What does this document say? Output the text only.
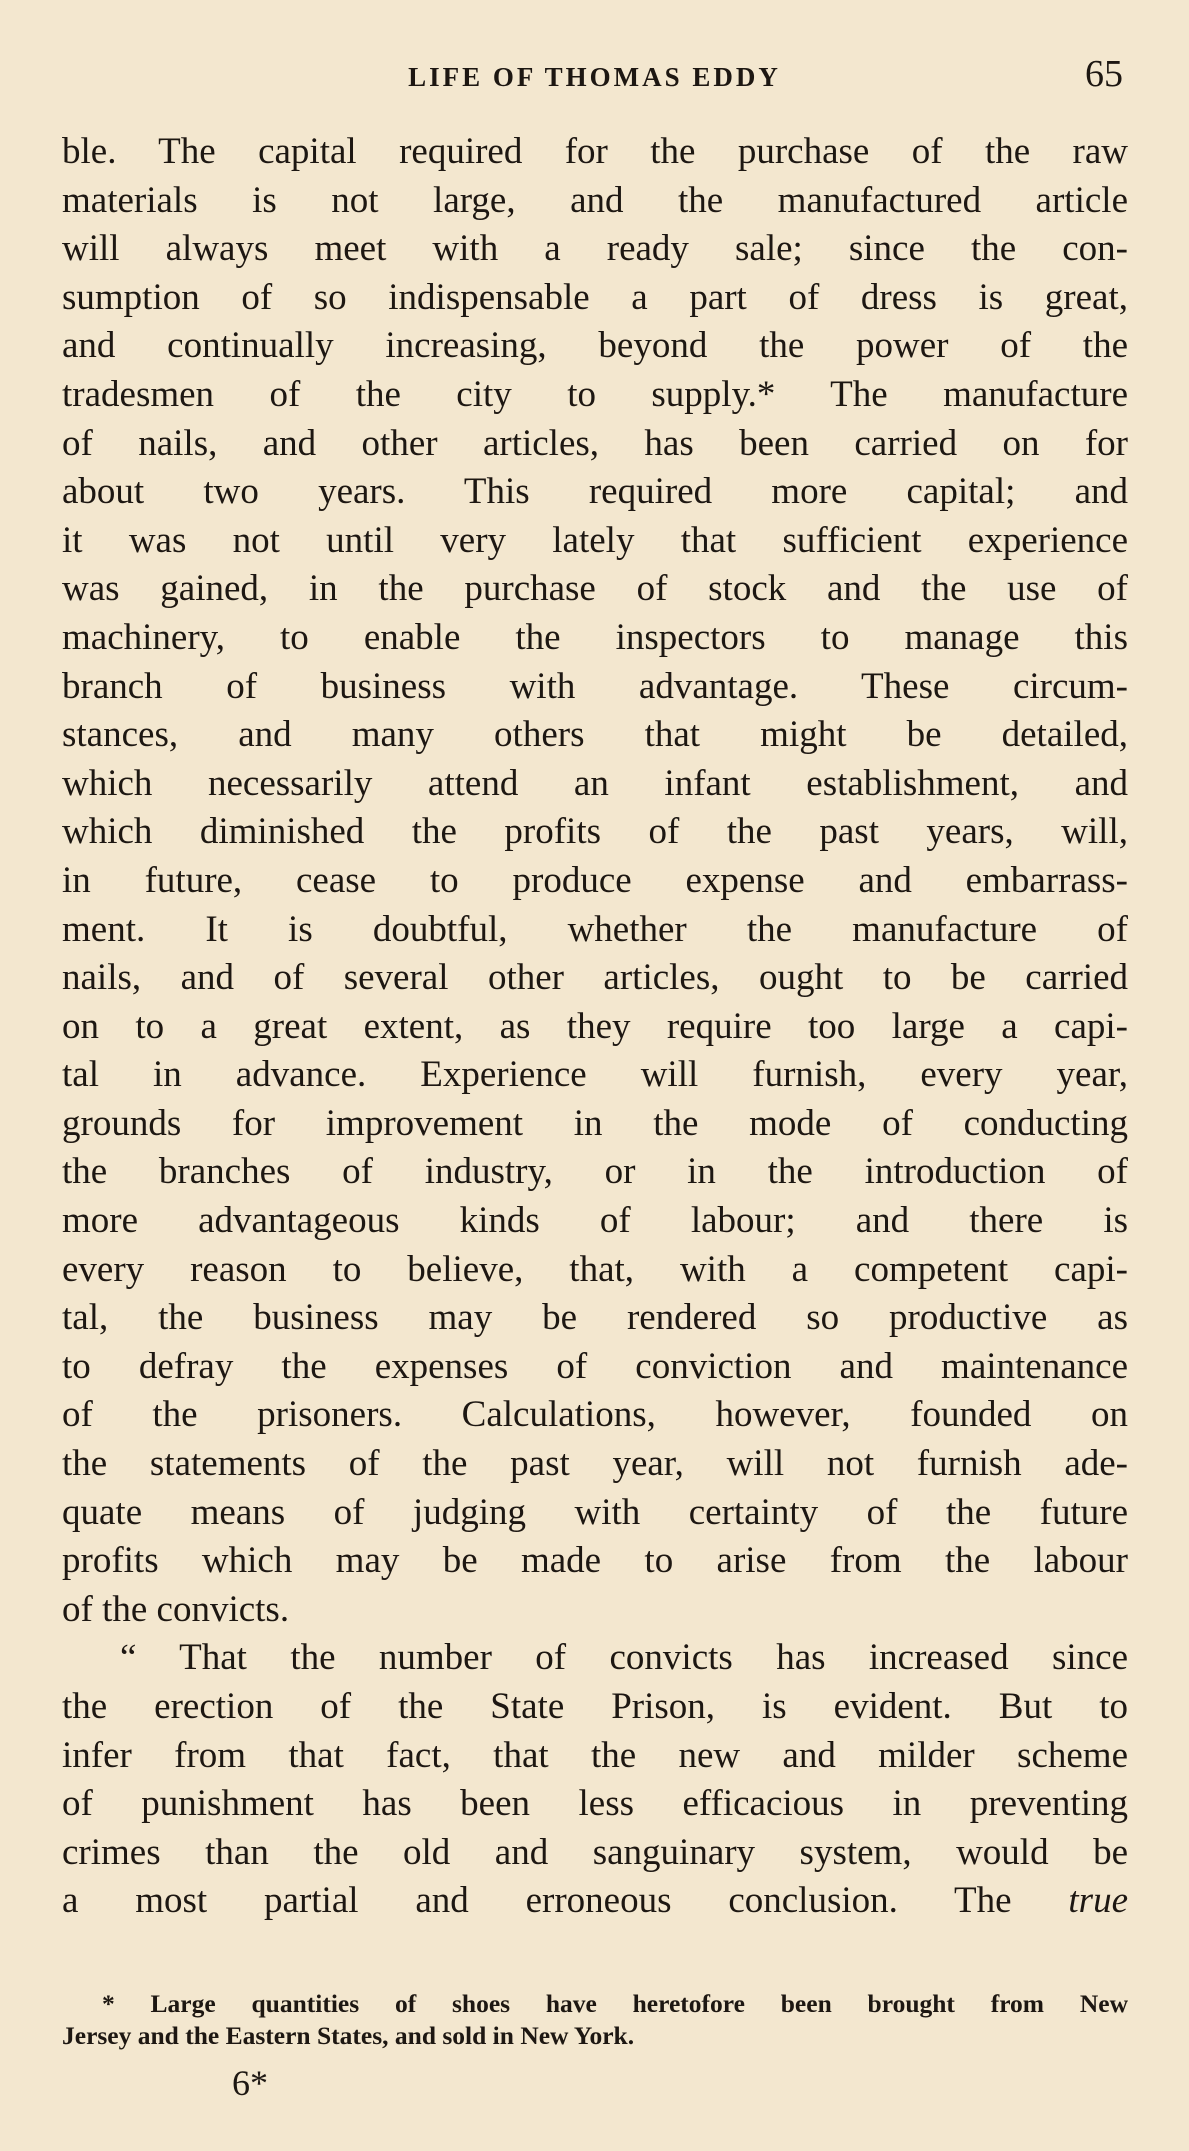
LIFE OF THOMAS EDDY	65
ble. The capital required for the purchase of the raw
materials is not large, and the manufactured article
will always meet with a ready sale; since the con-
sumption of so indispensable a part of dress is great,
and continually increasing, beyond the power of the
tradesmen of the city to supply.* The manufacture
of nails, and other articles, has been carried on for
about two years. This required more capital; and
it was not until very lately that sufficient experience
was gained, in the purchase of stock and the use of
machinery, to enable the inspectors to manage this
branch of business with advantage. These circum-
stances, and many others that might be detailed,
which necessarily attend an infant establishment, and
which diminished the profits of the past years, will,
in future, cease to produce expense and embarrass-
ment. It is doubtful, whether the manufacture of
nails, and of several other articles, ought to be carried
on to a great extent, as they require too large a capi-
tal in advance. Experience will furnish, every year,
grounds for improvement in the mode of conducting
the branches of industry, or in the introduction of
more advantageous kinds of labour; and there is
every reason to believe, that, with a competent capi-
tal, the business may be rendered so productive as
to defray the expenses of conviction and maintenance
of the prisoners. Calculations, however, founded on
the statements of the past year, will not furnish ade-
quate means of judging with certainty of the future
profits which may be made to arise from the labour
of the convicts.
“ That the number of convicts has increased since
the erection of the State Prison, is evident. But to
infer from that fact, that the new and milder scheme
of punishment has been less efficacious in preventing
crimes than the old and sanguinary system, would be
a most partial and erroneous conclusion. The true
* Large quantities of shoes have heretofore been brought from New
Jersey and the Eastern States, and sold in New York.
6*
